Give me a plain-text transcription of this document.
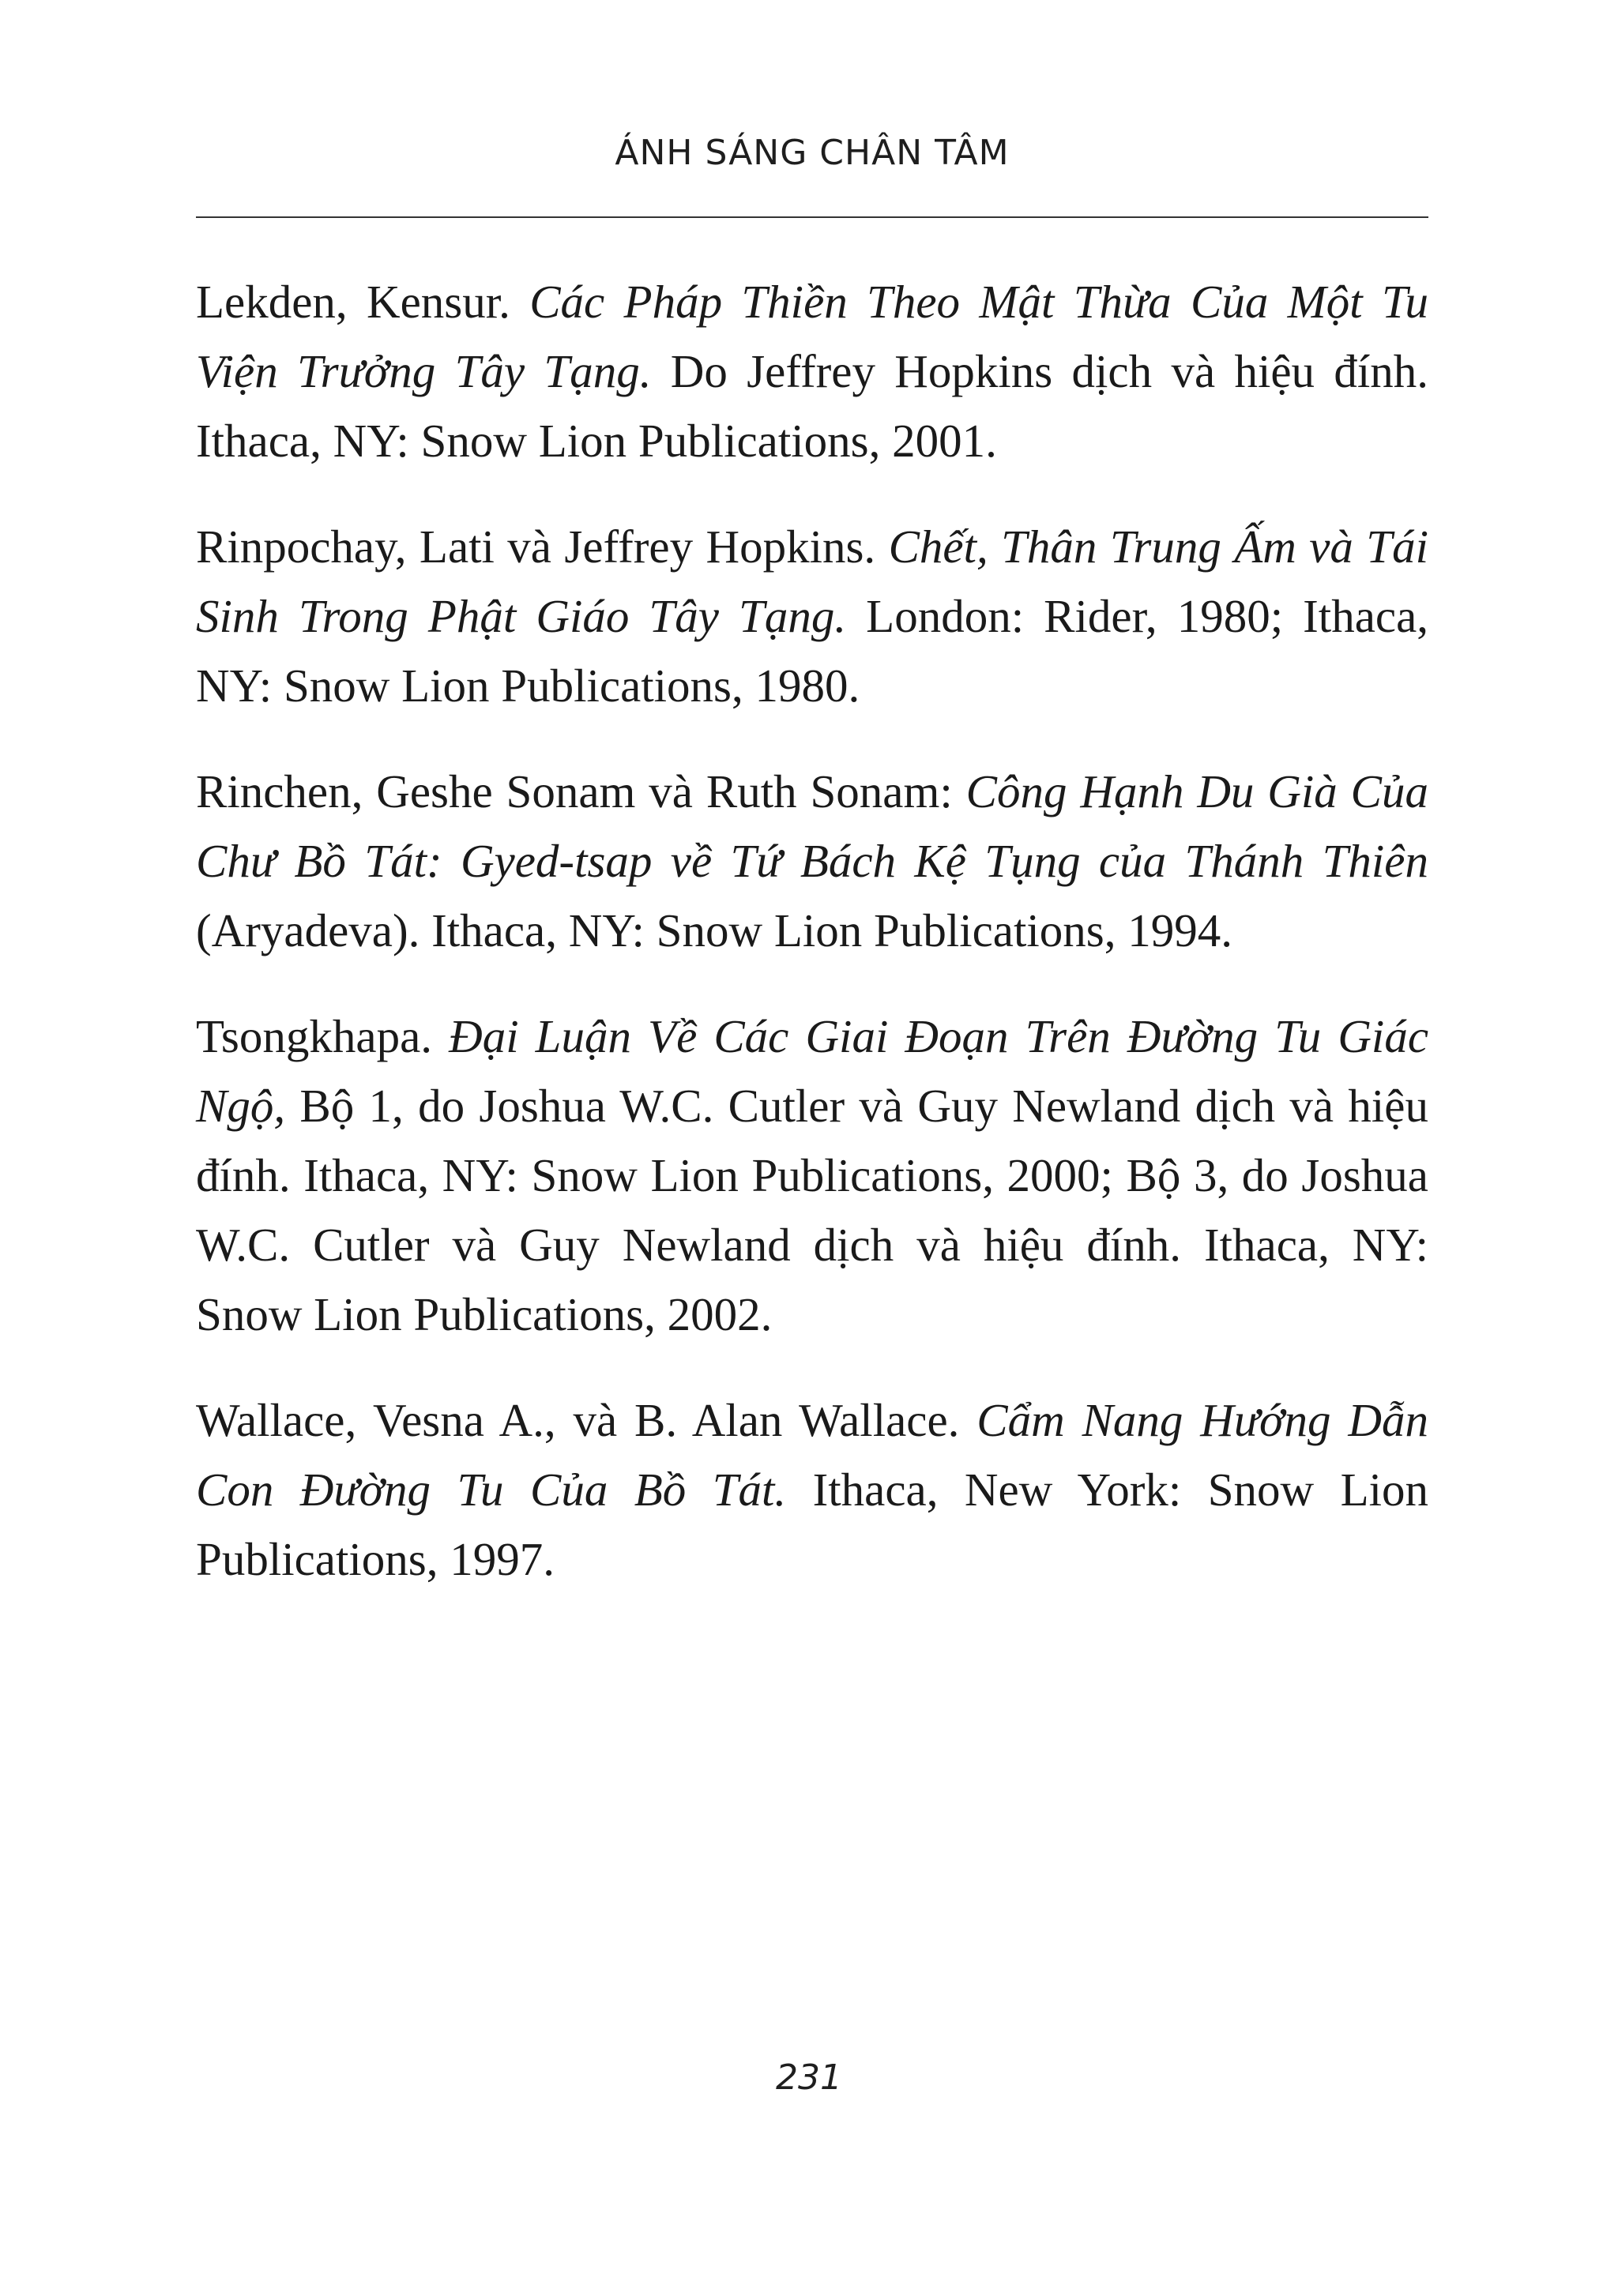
ÁNH SÁNG CHÂN TÂM

Lekden, Kensur. Các Pháp Thiền Theo Mật Thừa Của Một Tu Viện Trưởng Tây Tạng. Do Jeffrey Hopkins dịch và hiệu đính. Ithaca, NY: Snow Lion Publications, 2001.

Rinpochay, Lati và Jeffrey Hopkins. Chết, Thân Trung Ấm và Tái Sinh Trong Phật Giáo Tây Tạng. London: Rider, 1980; Ithaca, NY: Snow Lion Publications, 1980.

Rinchen, Geshe Sonam và Ruth Sonam: Công Hạnh Du Già Của Chư Bồ Tát: Gyed-tsap về Tứ Bách Kệ Tụng của Thánh Thiên (Aryadeva). Ithaca, NY: Snow Lion Publications, 1994.

Tsongkhapa. Đại Luận Về Các Giai Đoạn Trên Đường Tu Giác Ngộ, Bộ 1, do Joshua W.C. Cutler và Guy Newland dịch và hiệu đính. Ithaca, NY: Snow Lion Publications, 2000; Bộ 3, do Joshua W.C. Cutler và Guy Newland dịch và hiệu đính. Ithaca, NY: Snow Lion Publications, 2002.

Wallace, Vesna A., và B. Alan Wallace. Cẩm Nang Hướng Dẫn Con Đường Tu Của Bồ Tát. Ithaca, New York: Snow Lion Publications, 1997.

231
